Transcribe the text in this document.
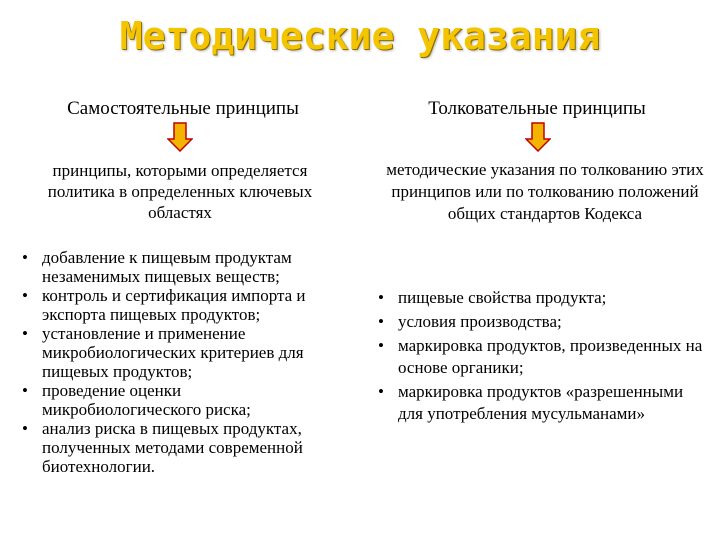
Методические указания
Самостоятельные принципы	Толковательные принципы
принципы, которыми определяется политика в определенных ключевых областях
методические указания по толкованию этих принципов или по толкованию положений общих стандартов Кодекса
• добавление к пищевым продуктам незаменимых пищевых веществ;
• контроль и сертификация импорта и экспорта пищевых продуктов;
• установление и применение микробиологических критериев для пищевых продуктов;
• проведение оценки микробиологического риска;
• анализ риска в пищевых продуктах, полученных методами современной биотехнологии.
• пищевые свойства продукта;
• условия производства;
• маркировка продуктов, произведенных на основе органики;
• маркировка продуктов «разрешенными для употребления мусульманами»
